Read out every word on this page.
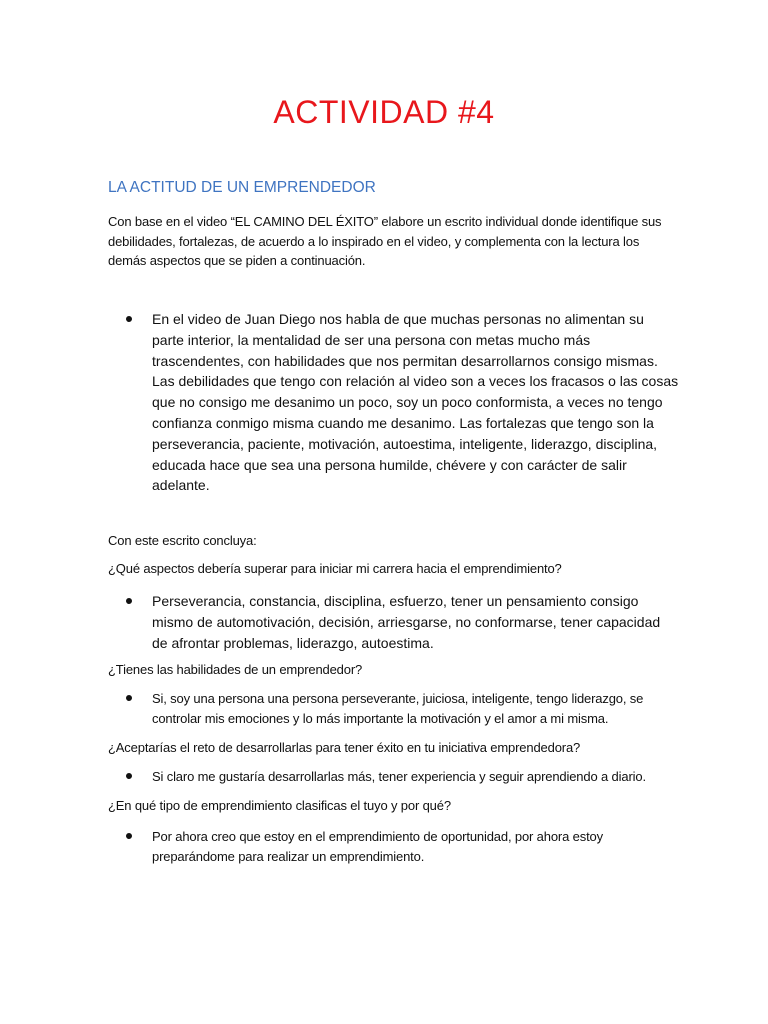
ACTIVIDAD #4
LA ACTITUD DE UN EMPRENDEDOR
Con base en el video “EL CAMINO DEL ÉXITO” elabore un escrito individual donde identifique sus
debilidades, fortalezas, de acuerdo a lo inspirado en el video, y complementa con la lectura los
demás aspectos que se piden a continuación.
En el video de Juan Diego nos habla de que muchas personas no alimentan su
parte interior, la mentalidad de ser una persona con metas mucho más
trascendentes, con habilidades que nos permitan desarrollarnos consigo mismas.
Las debilidades que tengo con relación al video son a veces los fracasos o las cosas
que no consigo me desanimo un poco, soy un poco conformista, a veces no tengo
confianza conmigo misma cuando me desanimo. Las fortalezas que tengo son la
perseverancia, paciente, motivación, autoestima, inteligente, liderazgo, disciplina,
educada hace que sea una persona humilde, chévere y con carácter de salir
adelante.
Con este escrito concluya:
¿Qué aspectos debería superar para iniciar mi carrera hacia el emprendimiento?
Perseverancia, constancia, disciplina, esfuerzo, tener un pensamiento consigo
mismo de automotivación, decisión, arriesgarse, no conformarse, tener capacidad
de afrontar problemas, liderazgo, autoestima.
¿Tienes las habilidades de un emprendedor?
Si, soy una persona una persona perseverante, juiciosa, inteligente, tengo liderazgo, se
controlar mis emociones y lo más importante la motivación y el amor a mi misma.
¿Aceptarías el reto de desarrollarlas para tener éxito en tu iniciativa emprendedora?
Si claro me gustaría desarrollarlas más, tener experiencia y seguir aprendiendo a diario.
¿En qué tipo de emprendimiento clasificas el tuyo y por qué?
Por ahora creo que estoy en el emprendimiento de oportunidad, por ahora estoy
preparándome para realizar un emprendimiento.
